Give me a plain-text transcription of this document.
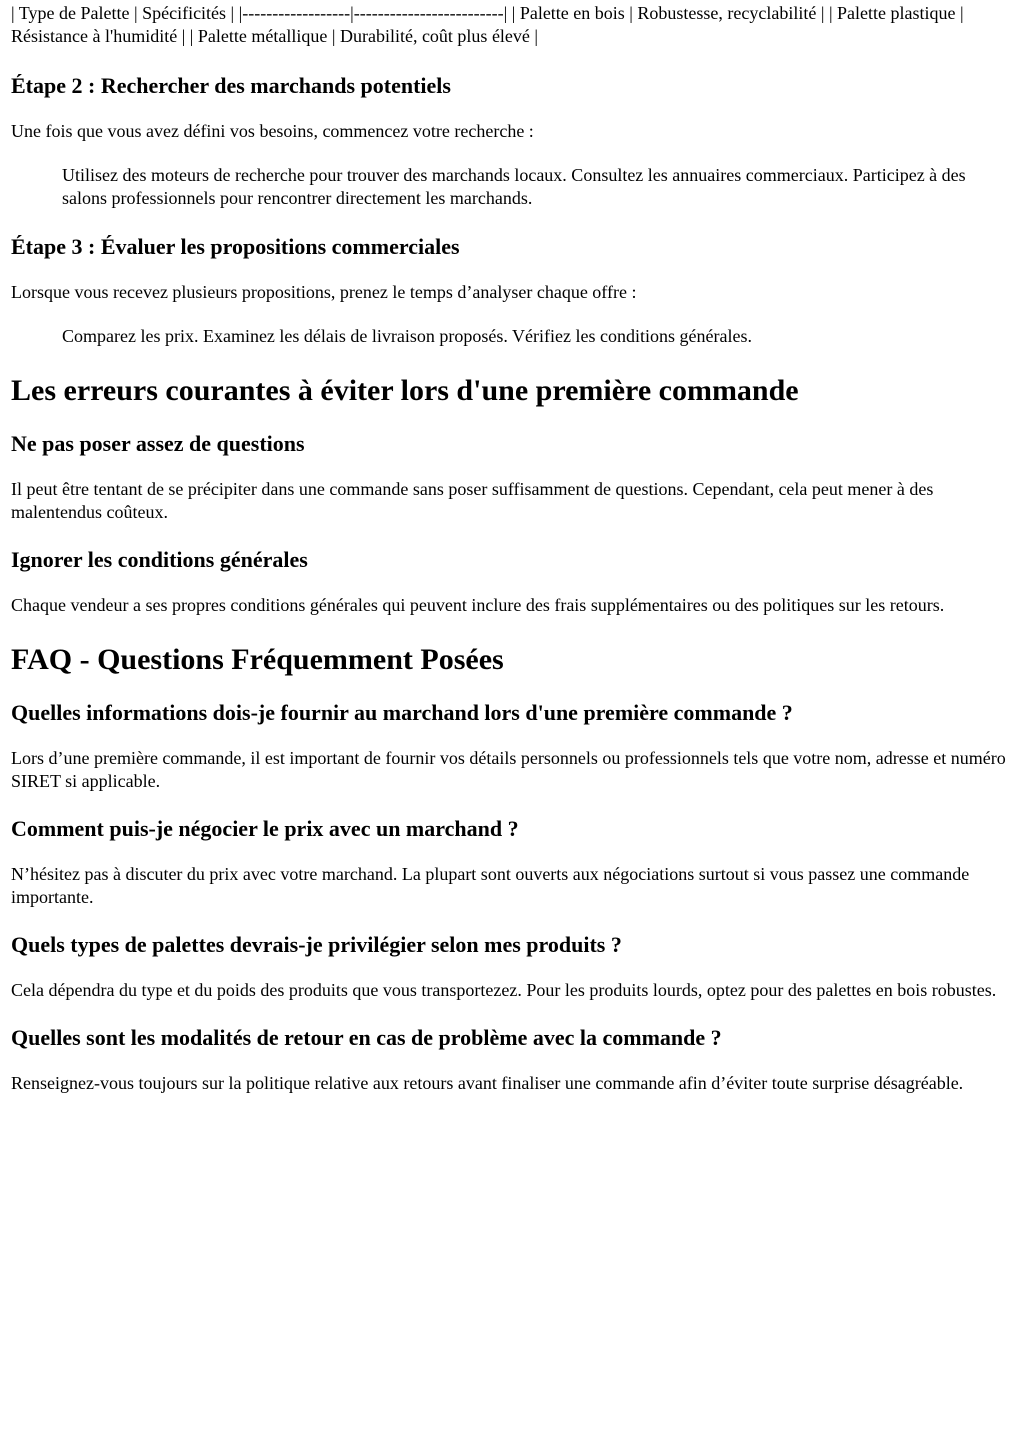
| Type de Palette | Spécificités | |------------------|-------------------------| | Palette en bois | Robustesse, recyclabilité | | Palette plastique | Résistance à l'humidité | | Palette métallique | Durabilité, coût plus élevé |

Étape 2 : Rechercher des marchands potentiels

Une fois que vous avez défini vos besoins, commencez votre recherche :

Utilisez des moteurs de recherche pour trouver des marchands locaux. Consultez les annuaires commerciaux. Participez à des salons professionnels pour rencontrer directement les marchands.
Étape 3 : Évaluer les propositions commerciales

Lorsque vous recevez plusieurs propositions, prenez le temps d’analyser chaque offre :

Comparez les prix. Examinez les délais de livraison proposés. Vérifiez les conditions générales.
Les erreurs courantes à éviter lors d'une première commande
Ne pas poser assez de questions

Il peut être tentant de se précipiter dans une commande sans poser suffisamment de questions. Cependant, cela peut mener à des malentendus coûteux.

Ignorer les conditions générales

Chaque vendeur a ses propres conditions générales qui peuvent inclure des frais supplémentaires ou des politiques sur les retours.

FAQ - Questions Fréquemment Posées
Quelles informations dois-je fournir au marchand lors d'une première commande ?

Lors d’une première commande, il est important de fournir vos détails personnels ou professionnels tels que votre nom, adresse et numéro SIRET si applicable.

Comment puis-je négocier le prix avec un marchand ?

N’hésitez pas à discuter du prix avec votre marchand. La plupart sont ouverts aux négociations surtout si vous passez une commande importante.

Quels types de palettes devrais-je privilégier selon mes produits ?

Cela dépendra du type et du poids des produits que vous transportezez. Pour les produits lourds, optez pour des palettes en bois robustes.

Quelles sont les modalités de retour en cas de problème avec la commande ?

Renseignez-vous toujours sur la politique relative aux retours avant finaliser une commande afin d’éviter toute surprise désagréable.
